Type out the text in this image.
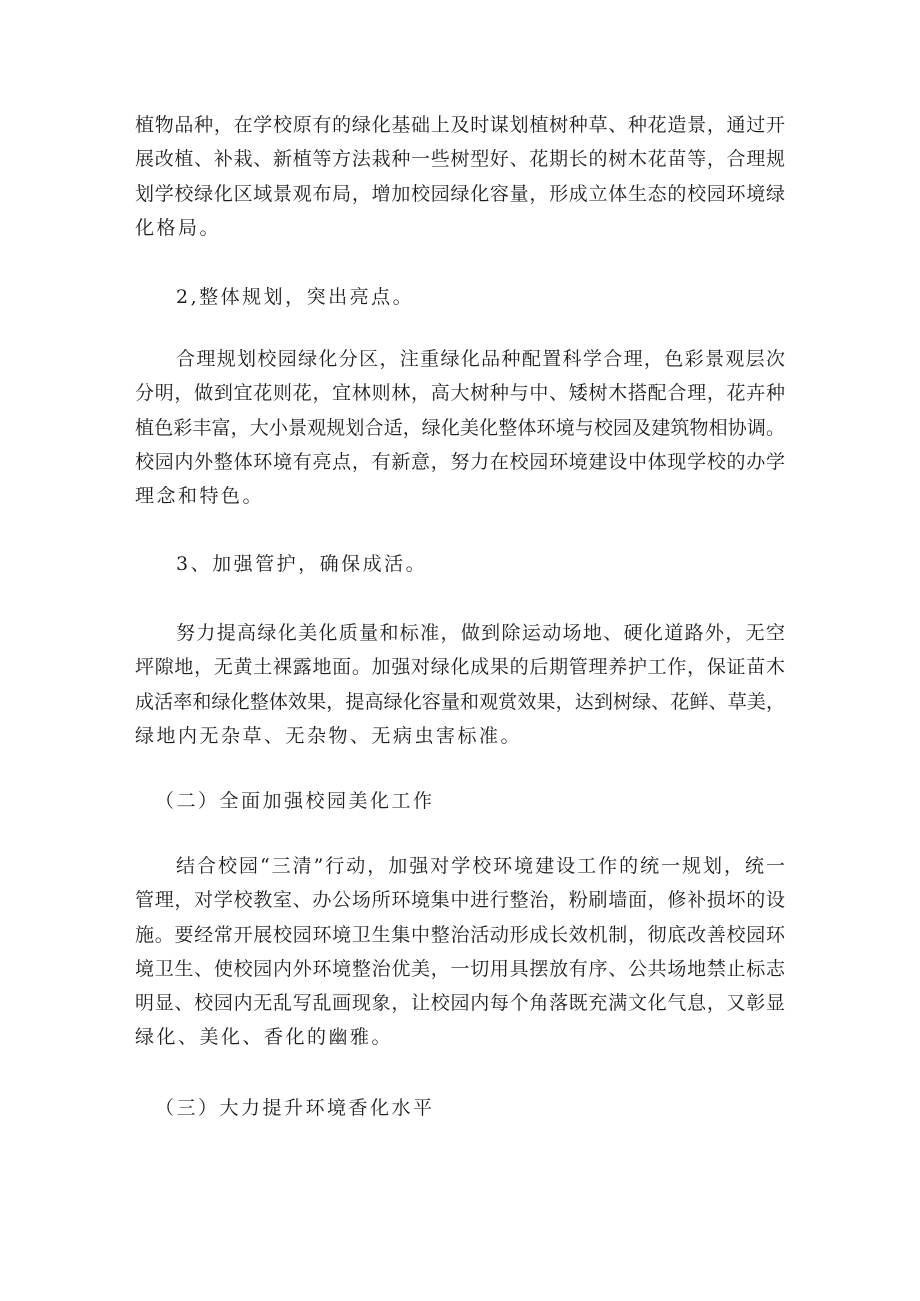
植物品种，在学校原有的绿化基础上及时谋划植树种草、种花造景，通过开
展改植、补栽、新植等方法栽种一些树型好、花期长的树木花苗等，合理规
划学校绿化区域景观布局，增加校园绿化容量，形成立体生态的校园环境绿
化格局。
2,整体规划，突出亮点。
合理规划校园绿化分区，注重绿化品种配置科学合理，色彩景观层次
分明，做到宜花则花，宜林则林，高大树种与中、矮树木搭配合理，花卉种
植色彩丰富，大小景观规划合适，绿化美化整体环境与校园及建筑物相协调。
校园内外整体环境有亮点，有新意，努力在校园环境建设中体现学校的办学
理念和特色。
3、加强管护，确保成活。
努力提高绿化美化质量和标准，做到除运动场地、硬化道路外，无空
坪隙地，无黄土裸露地面。加强对绿化成果的后期管理养护工作，保证苗木
成活率和绿化整体效果，提高绿化容量和观赏效果，达到树绿、花鲜、草美，
绿地内无杂草、无杂物、无病虫害标准。
（二）全面加强校园美化工作
结合校园“三清”行动，加强对学校环境建设工作的统一规划，统一
管理，对学校教室、办公场所环境集中进行整治，粉刷墙面，修补损坏的设
施。要经常开展校园环境卫生集中整治活动形成长效机制，彻底改善校园环
境卫生、使校园内外环境整治优美，一切用具摆放有序、公共场地禁止标志
明显、校园内无乱写乱画现象，让校园内每个角落既充满文化气息，又彰显
绿化、美化、香化的幽雅。
（三）大力提升环境香化水平
